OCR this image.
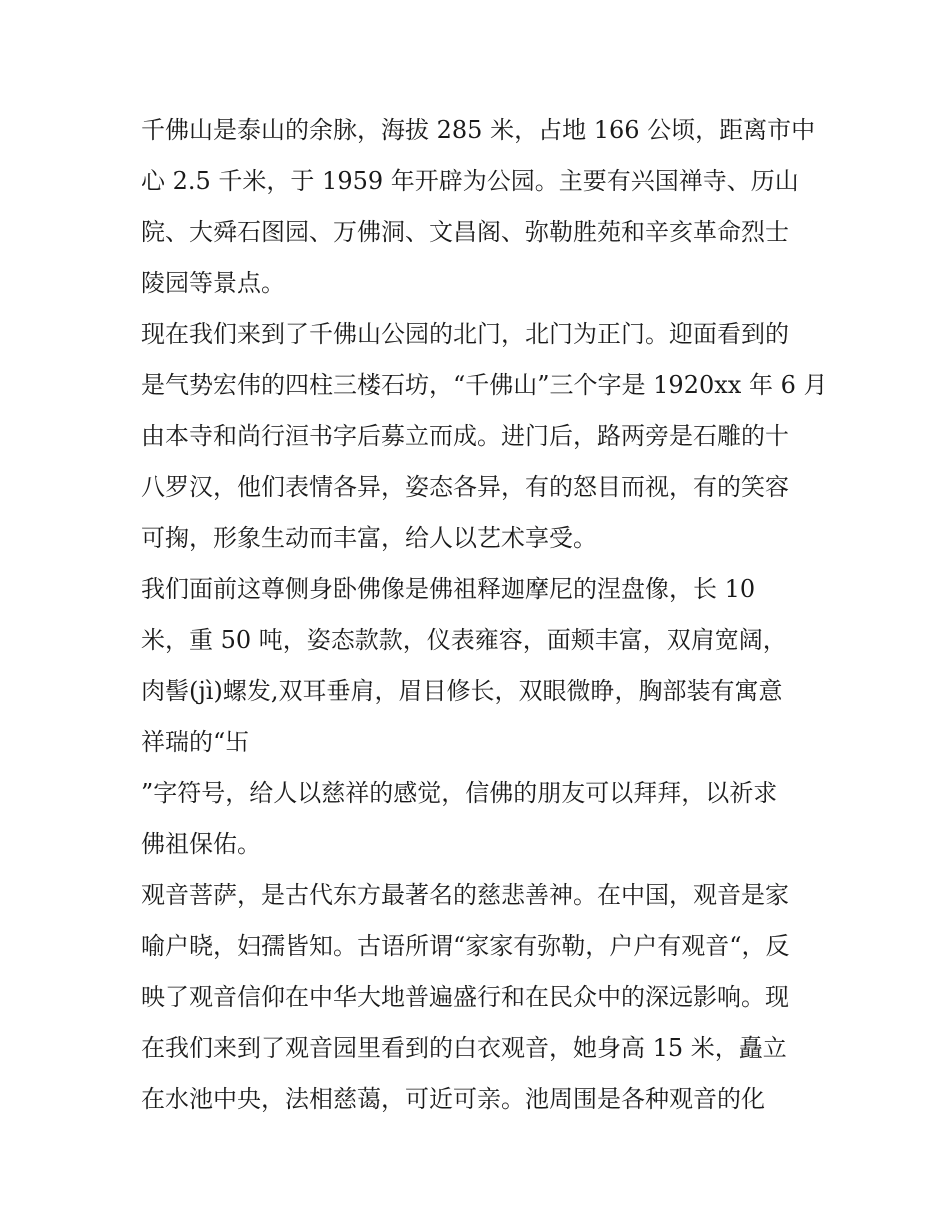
千佛山是泰山的余脉，海拔 285 米，占地 166 公顷，距离市中
心 2.5 千米，于 1959 年开辟为公园。主要有兴国禅寺、历山
院、大舜石图园、万佛洞、文昌阁、弥勒胜苑和辛亥革命烈士
陵园等景点。
现在我们来到了千佛山公园的北门，北门为正门。迎面看到的
是气势宏伟的四柱三楼石坊，“千佛山”三个字是 1920xx 年 6 月
由本寺和尚行洹书字后募立而成。进门后，路两旁是石雕的十
八罗汉，他们表情各异，姿态各异，有的怒目而视，有的笑容
可掬，形象生动而丰富，给人以艺术享受。
我们面前这尊侧身卧佛像是佛祖释迦摩尼的涅盘像，长 10
米，重 50 吨，姿态款款，仪表雍容，面颊丰富，双肩宽阔，
肉髻(jì)螺发,双耳垂肩，眉目修长，双眼微睁，胸部装有寓意
祥瑞的“卐
”字符号，给人以慈祥的感觉，信佛的朋友可以拜拜，以祈求
佛祖保佑。
观音菩萨，是古代东方最著名的慈悲善神。在中国，观音是家
喻户晓，妇孺皆知。古语所谓“家家有弥勒，户户有观音“，反
映了观音信仰在中华大地普遍盛行和在民众中的深远影响。现
在我们来到了观音园里看到的白衣观音，她身高 15 米，矗立
在水池中央，法相慈蔼，可近可亲。池周围是各种观音的化
